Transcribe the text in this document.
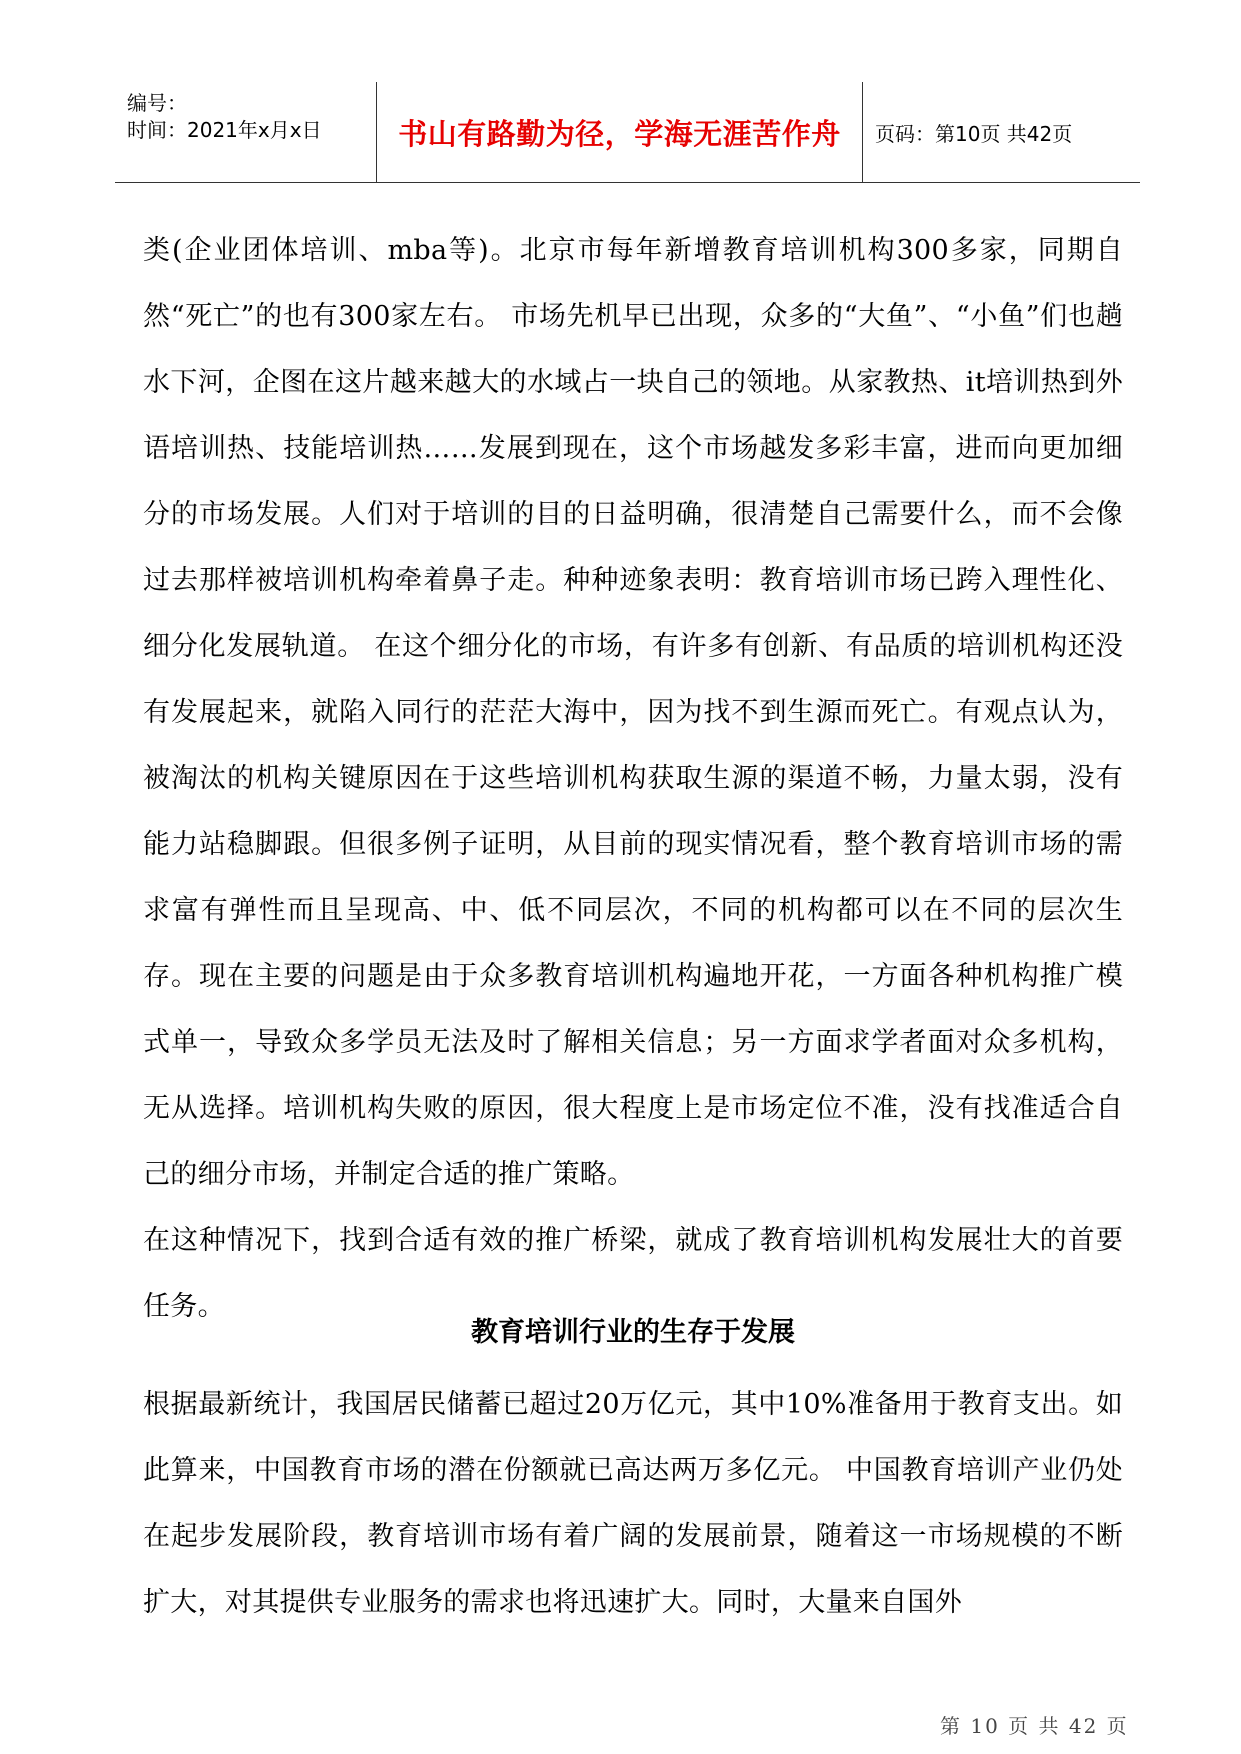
编号：
时间：2021年x月x日	书山有路勤为径，学海无涯苦作舟 页码：第10页 共42页

类(企业团体培训、mba等)。北京市每年新增教育培训机构300多家，同期自然“死亡”的也有300家左右。 市场先机早已出现，众多的“大鱼”、“小鱼”们也趟水下河，企图在这片越来越大的水域占一块自己的领地。从家教热、it培训热到外语培训热、技能培训热……发展到现在，这个市场越发多彩丰富，进而向更加细分的市场发展。人们对于培训的目的日益明确，很清楚自己需要什么，而不会像过去那样被培训机构牵着鼻子走。种种迹象表明：教育培训市场已跨入理性化、细分化发展轨道。 在这个细分化的市场，有许多有创新、有品质的培训机构还没有发展起来，就陷入同行的茫茫大海中，因为找不到生源而死亡。有观点认为，被淘汰的机构关键原因在于这些培训机构获取生源的渠道不畅，力量太弱，没有能力站稳脚跟。但很多例子证明，从目前的现实情况看，整个教育培训市场的需求富有弹性而且呈现高、中、低不同层次，不同的机构都可以在不同的层次生存。现在主要的问题是由于众多教育培训机构遍地开花，一方面各种机构推广模式单一，导致众多学员无法及时了解相关信息；另一方面求学者面对众多机构，无从选择。培训机构失败的原因，很大程度上是市场定位不准，没有找准适合自己的细分市场，并制定合适的推广策略。

在这种情况下，找到合适有效的推广桥梁，就成了教育培训机构发展壮大的首要任务。

教育培训行业的生存于发展

根据最新统计，我国居民储蓄已超过20万亿元，其中10%准备用于教育支出。如此算来，中国教育市场的潜在份额就已高达两万多亿元。 中国教育培训产业仍处在起步发展阶段，教育培训市场有着广阔的发展前景，随着这一市场规模的不断扩大，对其提供专业服务的需求也将迅速扩大。同时，大量来自国外

第 10 页 共 42 页
